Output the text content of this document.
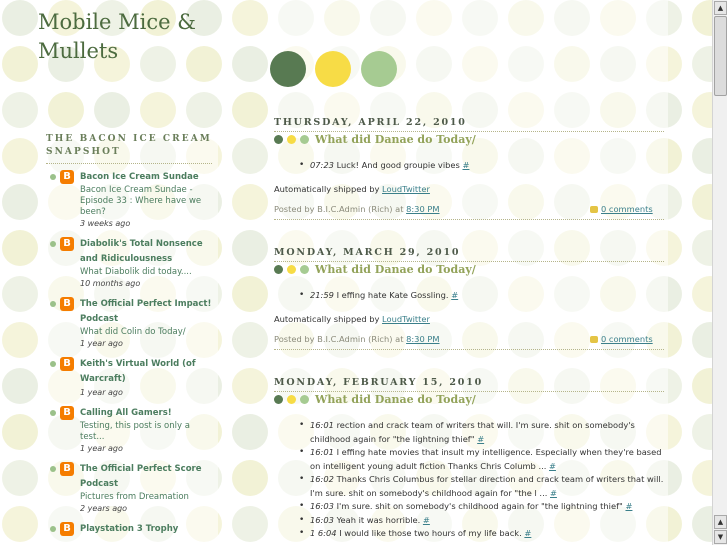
Mobile Mice & Mullets
THE BACON ICE CREAM SNAPSHOT
B	Bacon Ice Cream Sundae
Bacon Ice Cream Sundae - Episode 33 : Where have we been?
3 weeks ago
B	Diabolik's Total Nonsence and Ridiculousness
What Diabolik did today....
10 months ago
B	The Official Perfect Impact! Podcast
What did Colin do Today/
1 year ago
B	Keith's Virtual World (of Warcraft)
1 year ago
B	Calling All Gamers!
Testing, this post is only a test...
1 year ago
B	The Official Perfect Score Podcast
Pictures from Dreamation
2 years ago
B	Playstation 3 Trophy
THURSDAY, APRIL 22, 2010
What did Danae do Today/
• 07:23 Luck! And good groupie vibes #
Automatically shipped by LoudTwitter
Posted by B.I.C.Admin (Rich) at 8:30 PM	0 comments
MONDAY, MARCH 29, 2010
What did Danae do Today/
• 21:59 I effing hate Kate Gossling. #
Automatically shipped by LoudTwitter
Posted by B.I.C.Admin (Rich) at 8:30 PM	0 comments
MONDAY, FEBRUARY 15, 2010
What did Danae do Today/
• 16:01 rection and crack team of writers that will. I'm sure. shit on somebody's childhood again for "the lightning thief" #
• 16:01 I effing hate movies that insult my intelligence. Especially when they're based on intelligent young adult fiction Thanks Chris Columb ... #
• 16:02 Thanks Chris Columbus for stellar direction and crack team of writers that will. I'm sure. shit on somebody's childhood again for "the l ... #
• 16:03 I'm sure. shit on somebody's childhood again for "the lightning thief" #
• 16:03 Yeah it was horrible. #
• 1 6:04 I would like those two hours of my life back. #
▲
▲
▼
